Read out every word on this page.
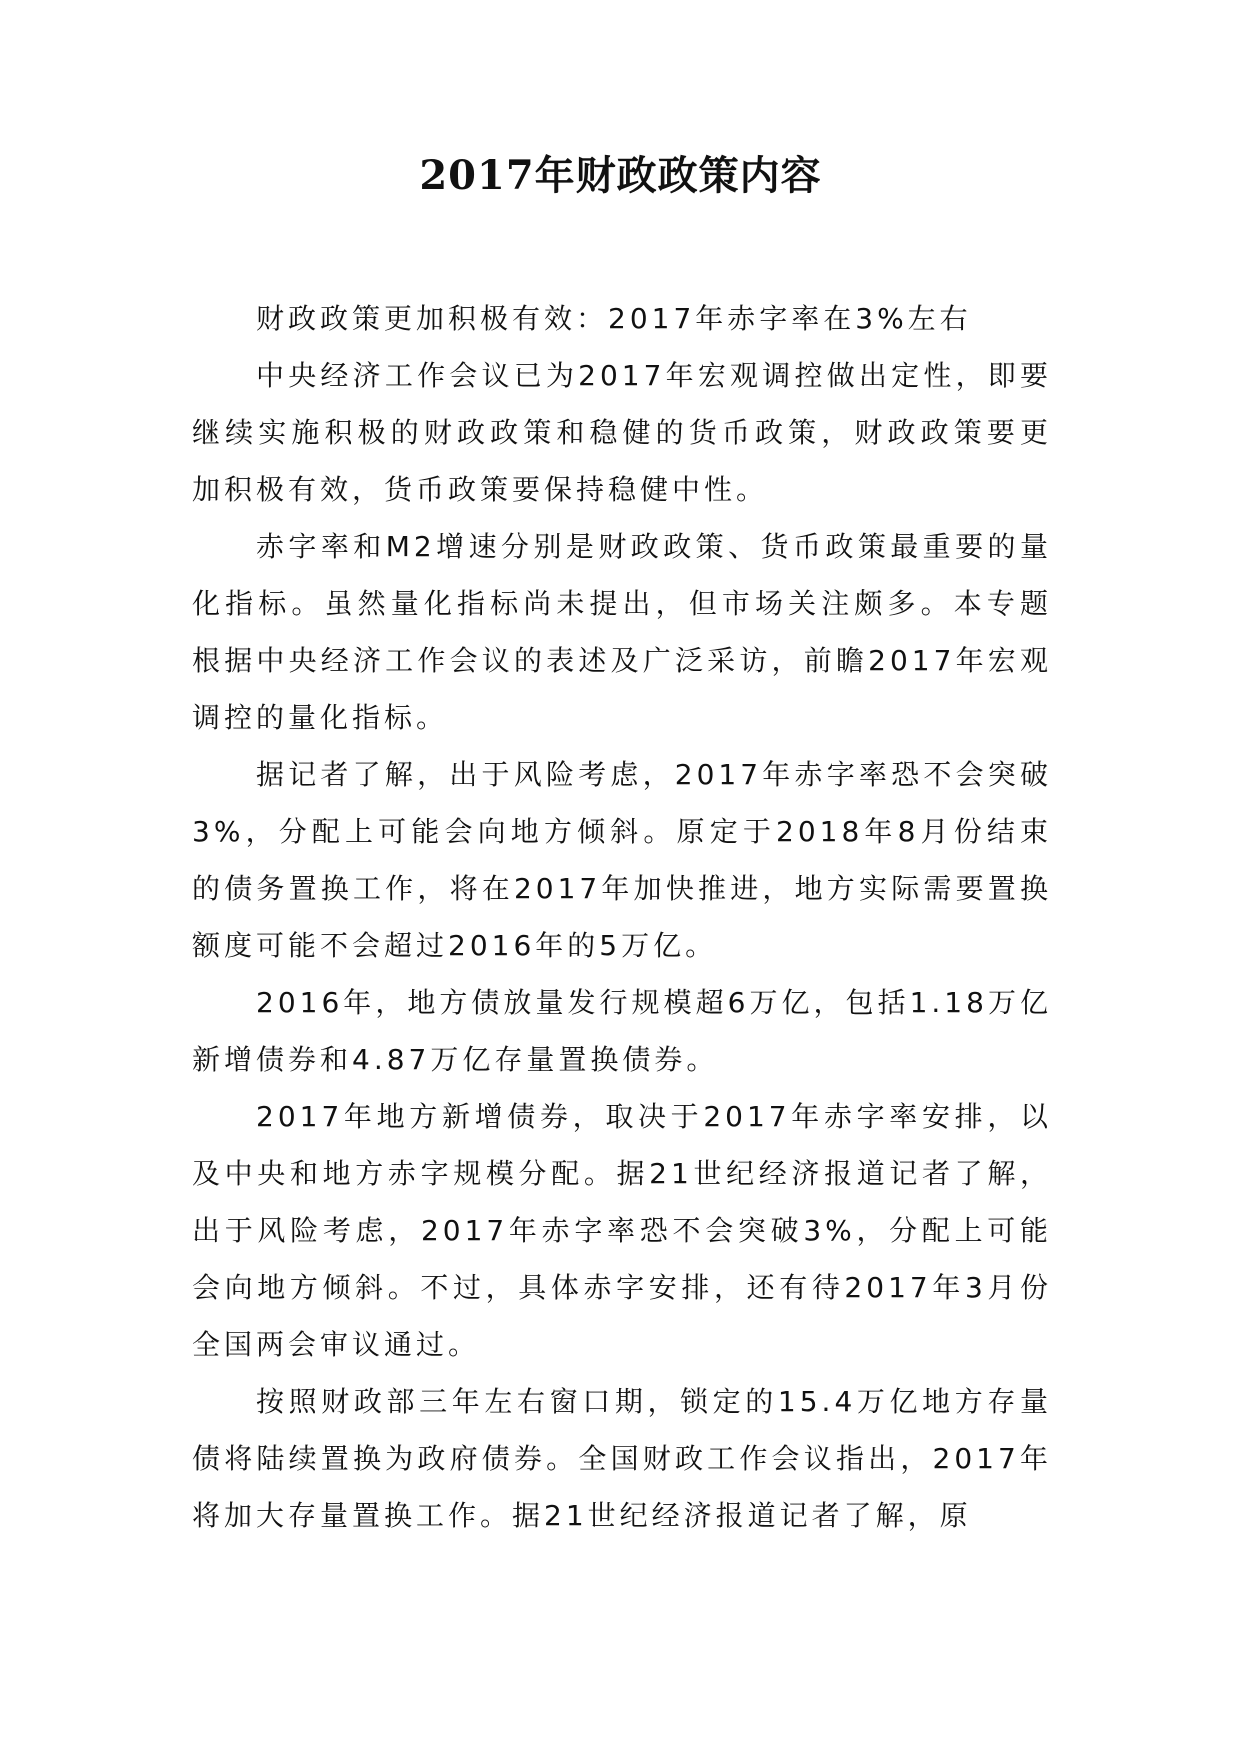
2017年财政政策内容

财政政策更加积极有效：2017年赤字率在3%左右

中央经济工作会议已为2017年宏观调控做出定性，即要继续实施积极的财政政策和稳健的货币政策，财政政策要更加积极有效，货币政策要保持稳健中性。

赤字率和M2增速分别是财政政策、货币政策最重要的量化指标。虽然量化指标尚未提出，但市场关注颇多。本专题根据中央经济工作会议的表述及广泛采访，前瞻2017年宏观调控的量化指标。

据记者了解，出于风险考虑，2017年赤字率恐不会突破3%，分配上可能会向地方倾斜。原定于2018年8月份结束的债务置换工作，将在2017年加快推进，地方实际需要置换额度可能不会超过2016年的5万亿。

2016年，地方债放量发行规模超6万亿，包括1.18万亿新增债券和4.87万亿存量置换债券。

2017年地方新增债券，取决于2017年赤字率安排，以及中央和地方赤字规模分配。据21世纪经济报道记者了解，出于风险考虑，2017年赤字率恐不会突破3%，分配上可能会向地方倾斜。不过，具体赤字安排，还有待2017年3月份全国两会审议通过。

按照财政部三年左右窗口期，锁定的15.4万亿地方存量债将陆续置换为政府债券。全国财政工作会议指出，2017年将加大存量置换工作。据21世纪经济报道记者了解，原
